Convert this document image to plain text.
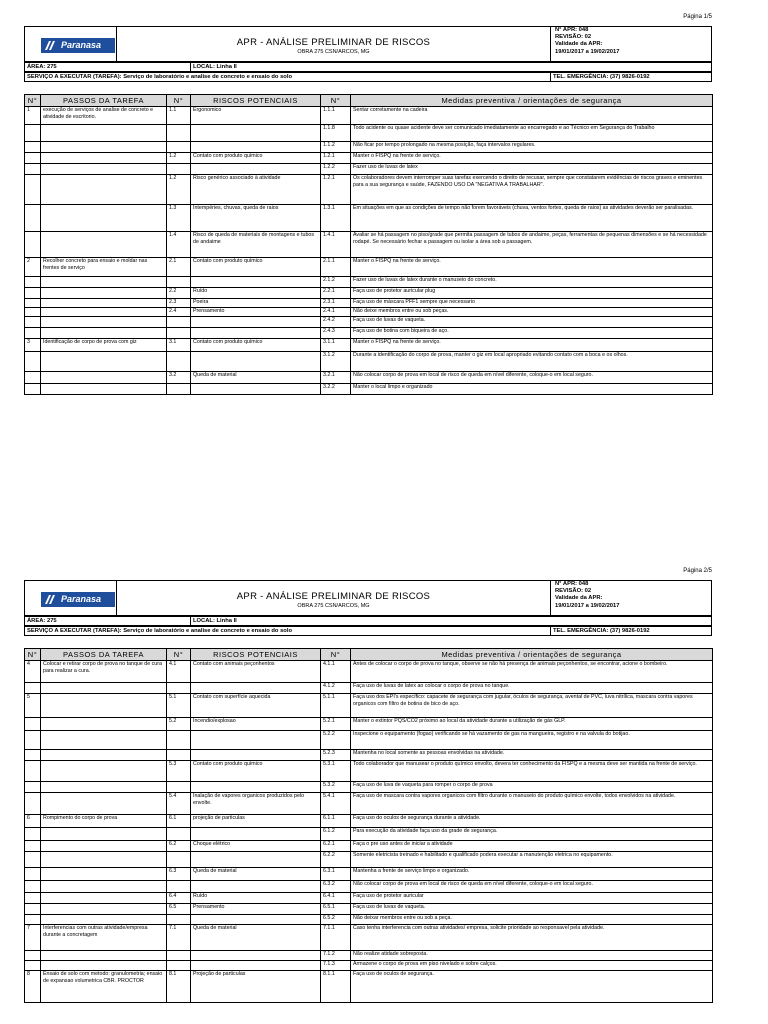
Página 1/5
Paranasa	APR - ANÁLISE PRELIMINAR DE RISCOS
OBRA 275 CSN/ARCOS, MG
N° APR: 048
REVISÃO: 02
Validade da APR:
19/01/2017 a 19/02/2017
ÁREA: 275	LOCAL: Linha II
SERVIÇO A EXECUTAR (TAREFA): Serviço de laboratório e analise de concreto e ensaio do solo	TEL. EMERGÊNCIA: (37) 9826-0192
N°	PASSOS DA TAREFA	N°	RISCOS POTENCIAIS	N°	Medidas preventiva / orientações de segurança
1	execução de serviços de analise de concreto e atividade de escritorio.	1.1	Ergonomico	1.1.1	Sentar corretamente na cadeira
				1.1.8	Todo acidente ou quase acidente deve ser comunicado imediatamente ao encarregado e ao Técnico em Segurança do Trabalho
				1.1.2	Não ficar por tempo prolongado na mesma posição, faça intervalos regulares.
		1.2	Contato com produto químico	1.2.1	Manter o FISPQ na frente de serviço.
				1.2.2	Fazer uso de luvas de latex
		1.2	Risco genérico associado à atividade	1.2.1	Os colaboradores devem interromper suas tarefas exercendo o direito de recusar, sempre que constatarem evidências de riscos graves e eminentes para a sua segurança e saúde, FAZENDO USO DA "NEGATIVA A TRABALHAR".
		1.3	Intempéries, chuvas, queda de raios	1.3.1	Em situações em que as condições de tempo não forem favoráveis (chuva, ventos fortes, queda de raios) as atividades deverão ser paralisadas.
		1.4	Risco de queda de materiais de montagens e tubos de andaime	1.4.1	Avaliar se há passagem no piso/grade que permita passagem de tubos de andaime, peças, ferramentas de pequenas dimensões e se há necessidade rodapé. Se necessário fechar a passagem ou isolar a área sob a passagem.
2	Recolher concreto para ensaio e moldar nas frentes de serviço	2.1	Contato com produto químico	2.1.1	Manter o FISPQ na frente de serviço.
				2.1.2	Fazer uso de luvas de latex durante o manuseio do concreto.
		2.2	Ruído	2.2.1	Faça uso de protetor auricular plug
		2.3	Poeira	2.3.1	Faça uso de máscara PFF1 sempre que necessario
		2.4	Prensamento	2.4.1	Não deixe membros entre ou sob peças.
				2.4.2	Faça uso de luvas de vaqueta.
				2.4.3	Faça uso de botina com biqueira de aço.
3	Identificação de corpo de prova com giz	3.1	Contato com produto químico	3.1.1	Manter o FISPQ na frente de serviço.
				3.1.2	Durante a identificação do corpo de prova, manter o giz em local apropriado evitando contato com a boca e os olhos.
		3.2	Queda de material	3.2.1	Não colocar corpo de prova em local de risco de queda em nível diferente, coloque-o em local seguro.
				3.2.2	Manter o local limpo e organizado
Página 2/5
Paranasa	APR - ANÁLISE PRELIMINAR DE RISCOS
OBRA 275 CSN/ARCOS, MG
N° APR: 048
REVISÃO: 02
Validade da APR:
19/01/2017 a 19/02/2017
ÁREA: 275	LOCAL: Linha II
SERVIÇO A EXECUTAR (TAREFA): Serviço de laboratório e analise de concreto e ensaio do solo	TEL. EMERGÊNCIA: (37) 9826-0192
N°	PASSOS DA TAREFA	N°	RISCOS POTENCIAIS	N°	Medidas preventiva / orientações de segurança
4	Colocar e retirar corpo de prova no tanque de cura para realizar a cura.	4.1	Contato com animais peçonhentos	4.1.1	Antes de colocar o corpo de prova no tanque, observe se não há presença de animais peçonhentos, se encontrar, acione o bombeiro.
				4.1.2	Faça uso de luvas de latex ao colocar o corpo de prova no tanque.
5		5.1	Contato com superfície aquecida	5.1.1	Faça uso dos EPI's específico: capacete de segurança com jugular, óculos de segurança, avental de PVC, luva nitrílica, mascara contra vapores organicos com filtro de botina de bico de aço.
		5.2	Incendio/explosao	5.2.1	Manter o extintor PQS/CO2 próximo ao local da atividade durante a utilização de gás GLP.
				5.2.2	Inspecione o equipamento (fogao) verificando se há vazamento de gas na mangueira, registro e na valvula do botijao.
				5.2.3	Mantenha no local somente as pessoas envolvidas na atividade.
		5.3	Contato com produto químico	5.3.1	Todo colaborador que manusear o produto químico envolto, devera ter conhecimento da FISPQ e a mesma deve ser mantida na frente de serviço.
				5.3.2	Faça uso de luva de vaqueta para romper o corpo de prova
		5.4	Inalação de vapores organicos produzidos pelo envolte.	5.4.1	Faça uso de mascara contra vapores organicos com filtro durante o manuseio do produto químico envolte, todos envolvidos na atividade.
6	Rompimento do corpo de prova	6.1	projeção de particulas	6.1.1	Faça uso do oculos de segurança durante a atividade.
				6.1.2	Para execução da atividade faça uso da grade de segurança.
		6.2	Choque elétrico	6.2.1	Faça o pre uso antes de iniciar a atividade
				6.2.2	Somente eletricista treinado e habilitado e qualificado podera executar a manutenção eletrica no equipamento.
		6.3	Queda de material	6.3.1	Mantenha a frente de serviço limpo e organizado.
				6.3.2	Não colocar corpo de prova em local de risco de queda em nível diferente, coloque-o em local seguro.
		6.4	Ruído	6.4.1	Faça uso de protetor auricular
		6.5	Prensamento	6.5.1	Faça uso de luvas de vaqueta.
				6.5.2	Não deixar membros entre ou sob a peça.
7	Interferencias com outras atividade/empresa durante a concretagem	7.1	Queda de material	7.1.1	Caso tenha interferencia com outras atividades/ empresa, solicite prioridade ao responsavel pela atividade.
				7.1.2	Não realize atidade sobreposta.
				7.1.3	Armazene o corpo de prova em piso nivelado e sobre calços.
8	Ensaio de solo com metodo: granulometria; ensaio de expansao volumetrica CBR. PROCTOR	8.1	Projeção de particulas	8.1.1	Faça uso de oculos de segurança.
